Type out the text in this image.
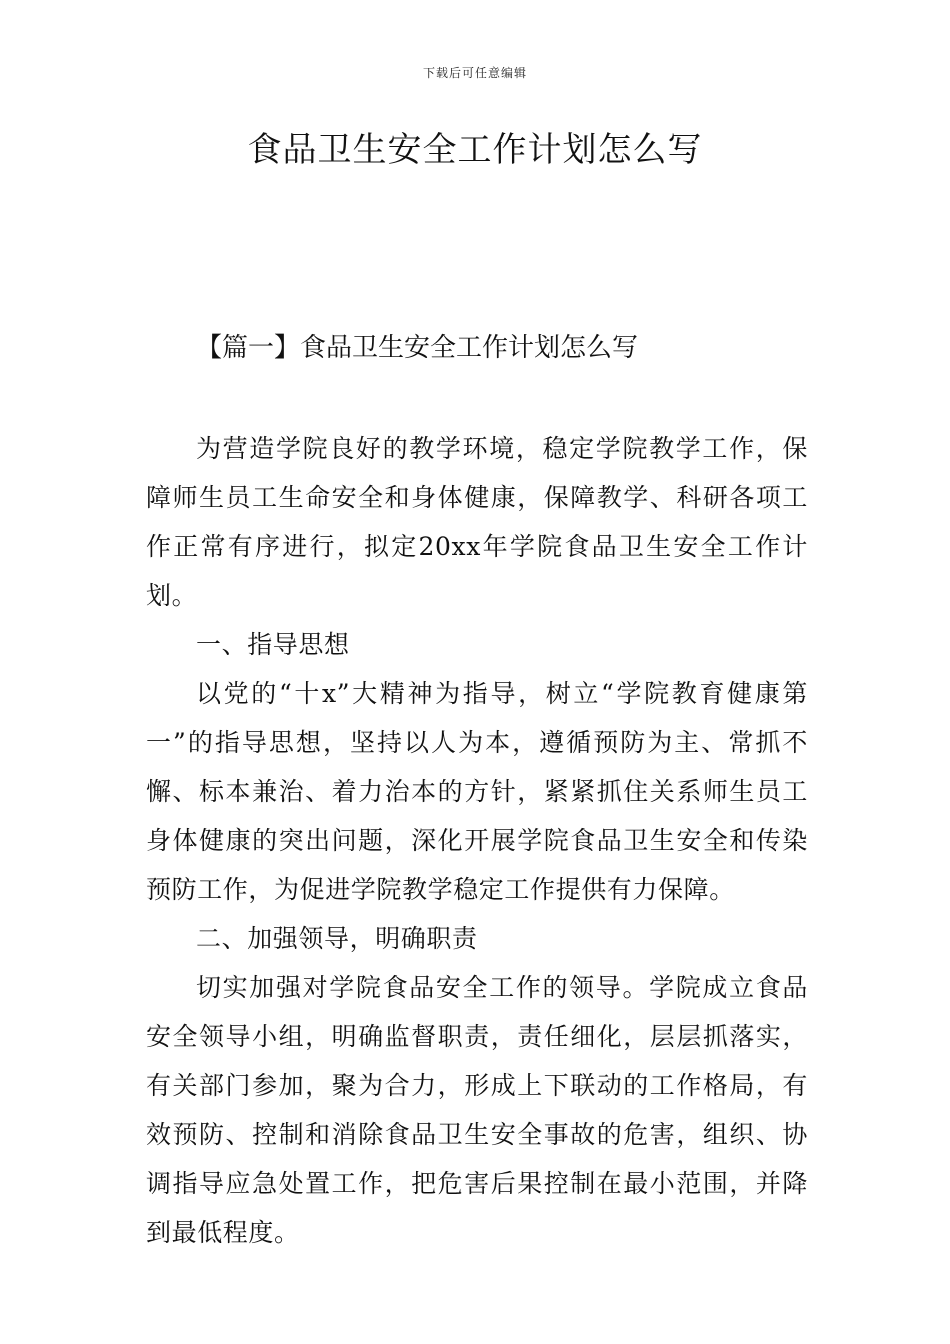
下载后可任意编辑
食品卫生安全工作计划怎么写
【篇一】食品卫生安全工作计划怎么写

为营造学院良好的教学环境，稳定学院教学工作，保障师生员工生命安全和身体健康，保障教学、科研各项工作正常有序进行，拟定20xx年学院食品卫生安全工作计划。

一、指导思想

以党的“十x”大精神为指导，树立“学院教育健康第一”的指导思想，坚持以人为本，遵循预防为主、常抓不懈、标本兼治、着力治本的方针，紧紧抓住关系师生员工身体健康的突出问题，深化开展学院食品卫生安全和传染预防工作，为促进学院教学稳定工作提供有力保障。

二、加强领导，明确职责

切实加强对学院食品安全工作的领导。学院成立食品安全领导小组，明确监督职责，责任细化，层层抓落实，有关部门参加，聚为合力，形成上下联动的工作格局，有效预防、控制和消除食品卫生安全事故的危害，组织、协调指导应急处置工作，把危害后果控制在最小范围，并降到最低程度。
